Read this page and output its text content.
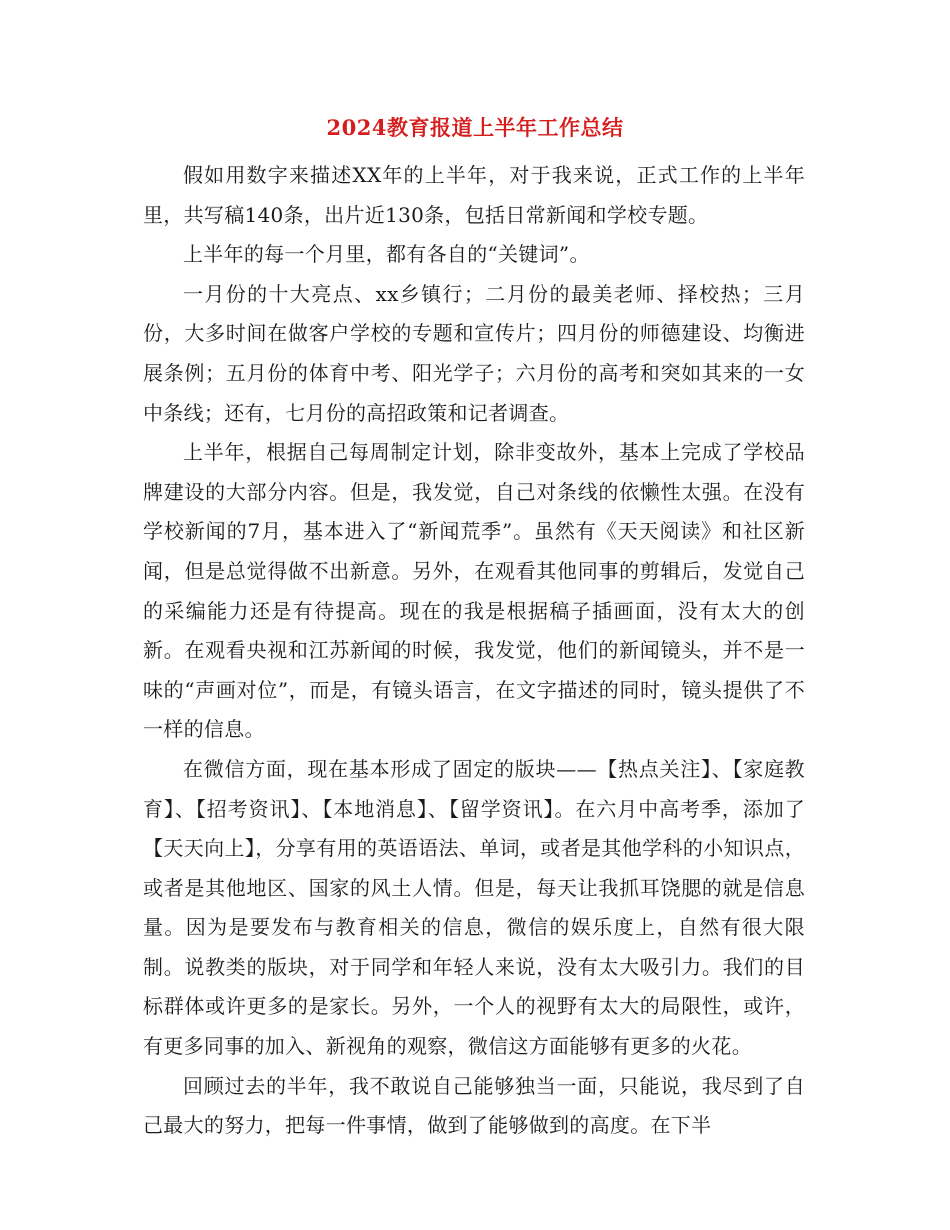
2024教育报道上半年工作总结

假如用数字来描述XX年的上半年，对于我来说，正式工作的上半年里，共写稿140条，出片近130条，包括日常新闻和学校专题。

上半年的每一个月里，都有各自的“关键词”。

一月份的十大亮点、xx乡镇行；二月份的最美老师、择校热；三月份，大多时间在做客户学校的专题和宣传片；四月份的师德建设、均衡进展条例；五月份的体育中考、阳光学子；六月份的高考和突如其来的一女中条线；还有，七月份的高招政策和记者调查。

上半年，根据自己每周制定计划，除非变故外，基本上完成了学校品牌建设的大部分内容。但是，我发觉，自己对条线的依懒性太强。在没有学校新闻的7月，基本进入了“新闻荒季”。虽然有《天天阅读》和社区新闻，但是总觉得做不出新意。另外，在观看其他同事的剪辑后，发觉自己的采编能力还是有待提高。现在的我是根据稿子插画面，没有太大的创新。在观看央视和江苏新闻的时候，我发觉，他们的新闻镜头，并不是一味的“声画对位”，而是，有镜头语言，在文字描述的同时，镜头提供了不一样的信息。

在微信方面，现在基本形成了固定的版块——【热点关注】、【家庭教育】、【招考资讯】、【本地消息】、【留学资讯】。在六月中高考季，添加了【天天向上】，分享有用的英语语法、单词，或者是其他学科的小知识点，或者是其他地区、国家的风土人情。但是，每天让我抓耳饶腮的就是信息量。因为是要发布与教育相关的信息，微信的娱乐度上，自然有很大限制。说教类的版块，对于同学和年轻人来说，没有太大吸引力。我们的目标群体或许更多的是家长。另外，一个人的视野有太大的局限性，或许，有更多同事的加入、新视角的观察，微信这方面能够有更多的火花。

回顾过去的半年，我不敢说自己能够独当一面，只能说，我尽到了自己最大的努力，把每一件事情，做到了能够做到的高度。在下半
